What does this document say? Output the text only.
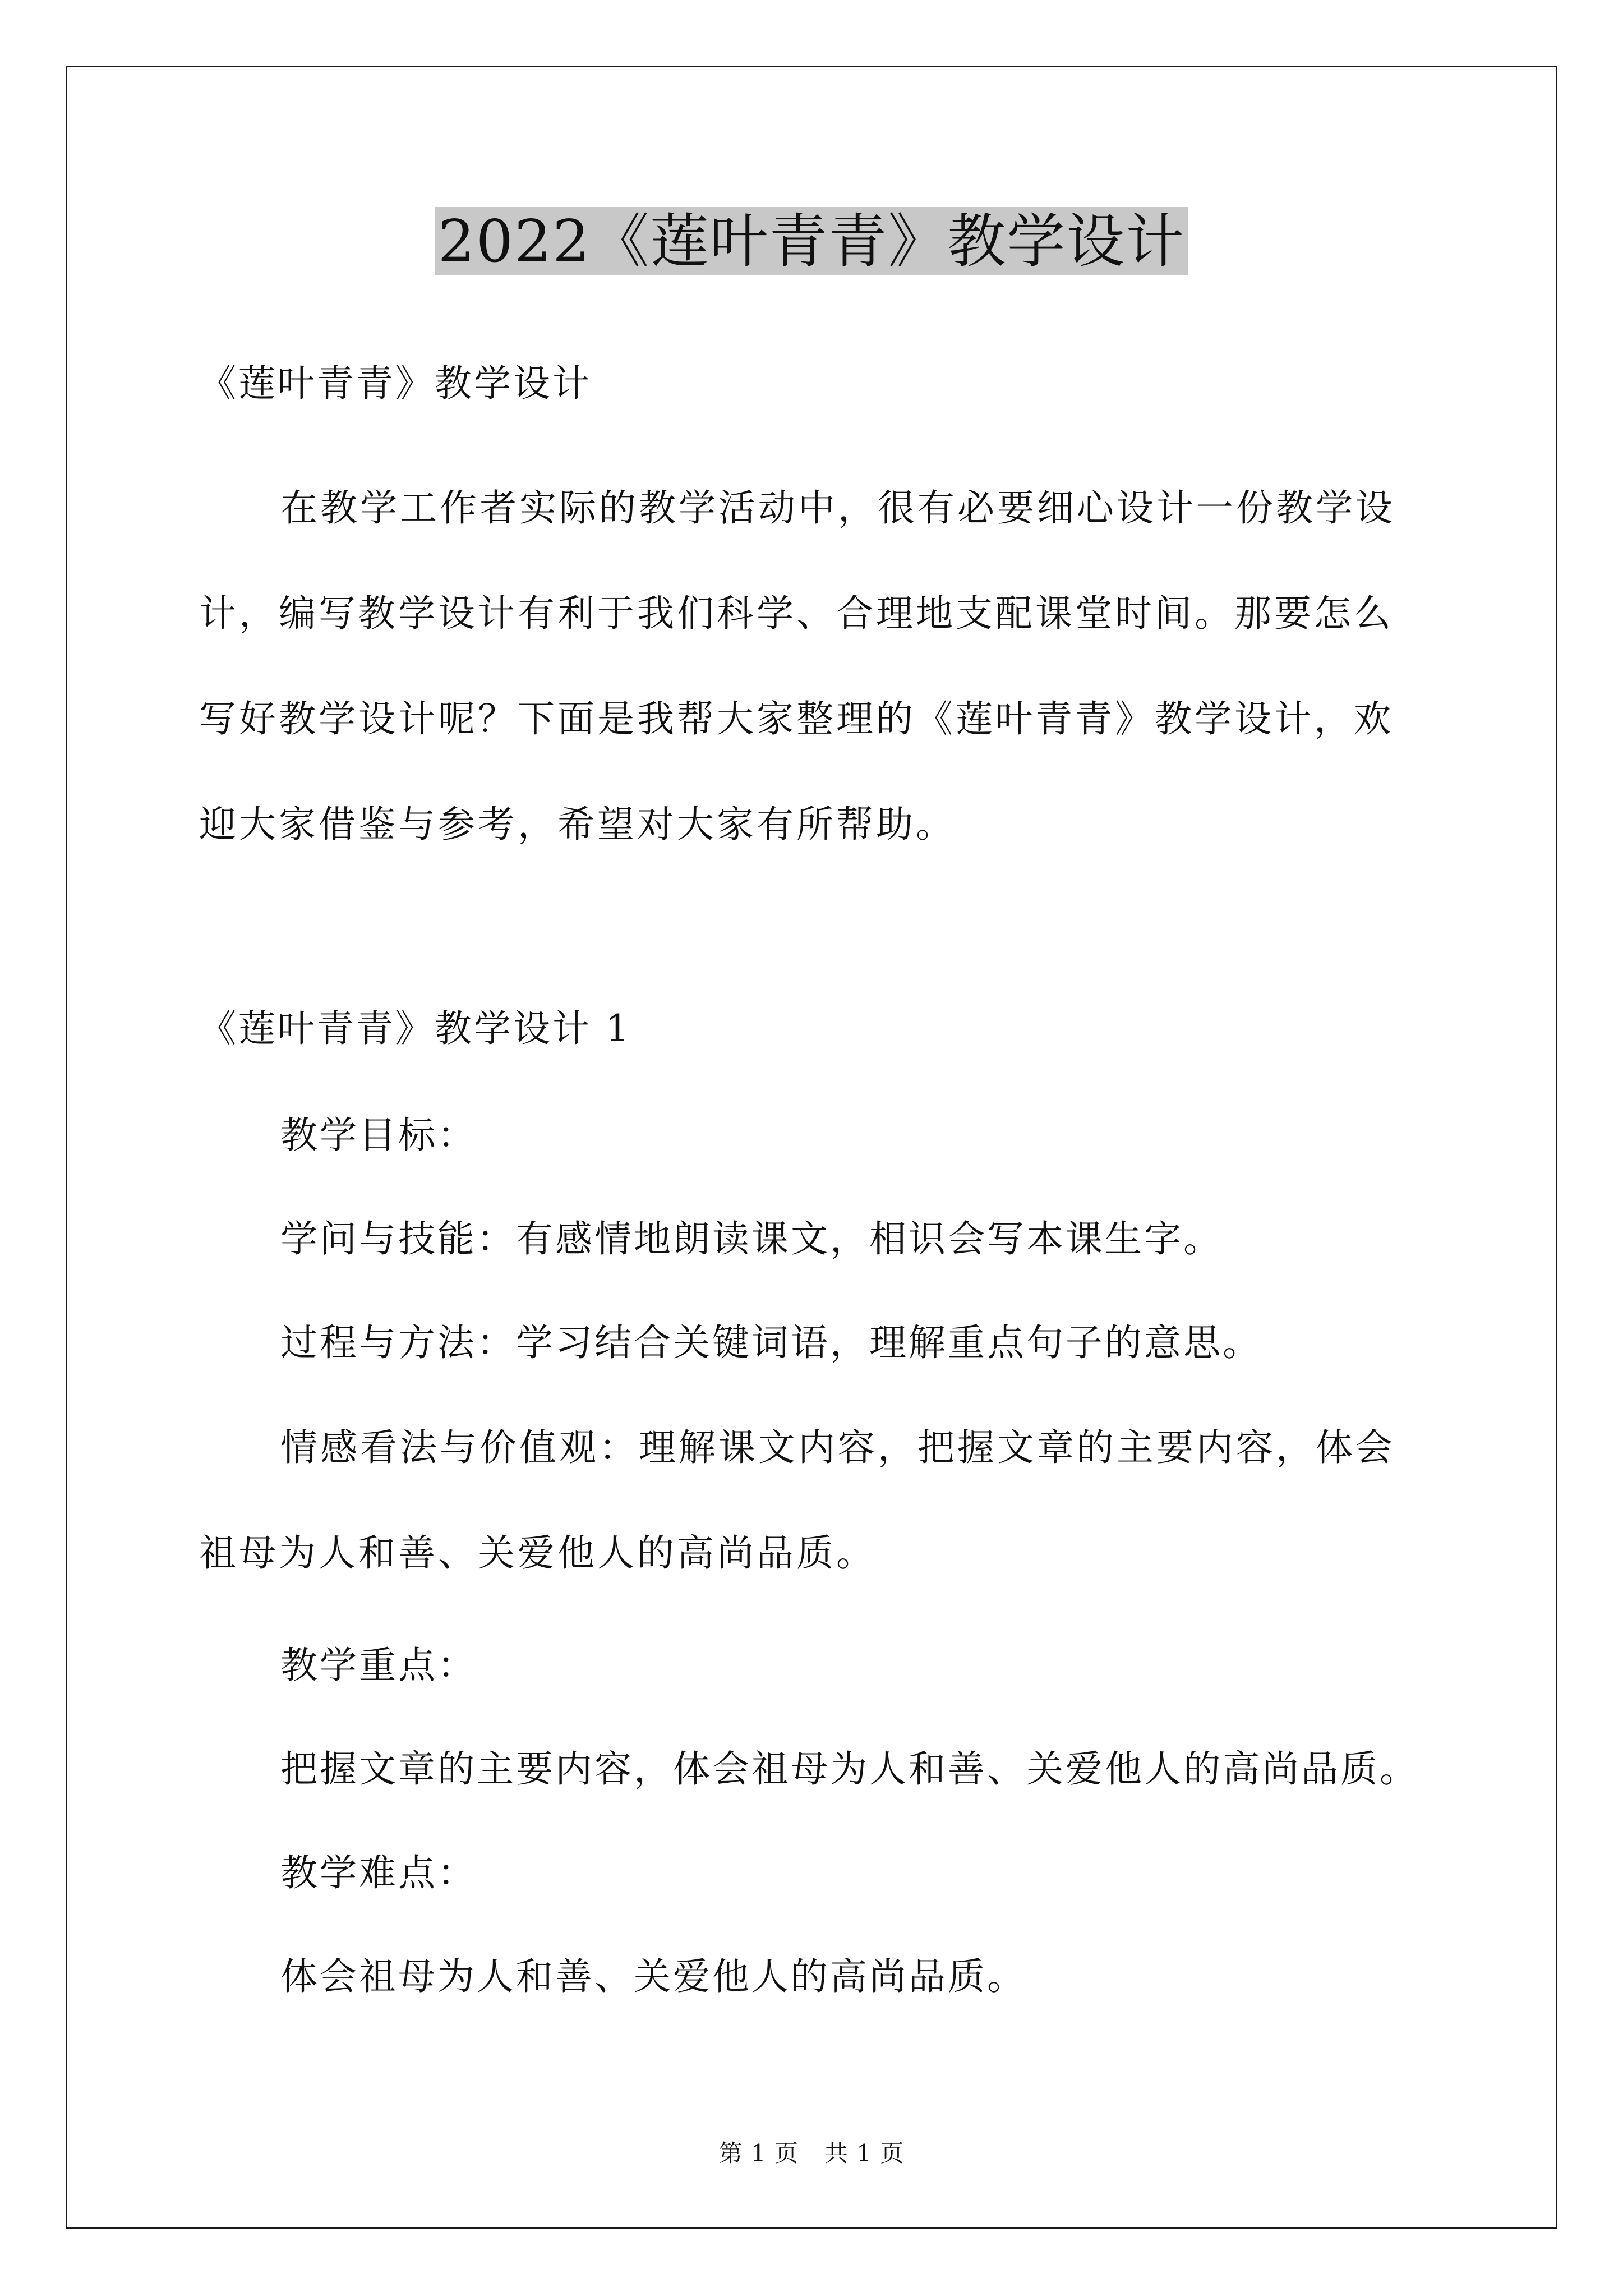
2022《莲叶青青》教学设计

《莲叶青青》教学设计

在教学工作者实际的教学活动中，很有必要细心设计一份教学设计，编写教学设计有利于我们科学、合理地支配课堂时间。那要怎么写好教学设计呢？下面是我帮大家整理的《莲叶青青》教学设计，欢迎大家借鉴与参考，希望对大家有所帮助。

《莲叶青青》教学设计 1

教学目标：

学问与技能：有感情地朗读课文，相识会写本课生字。

过程与方法：学习结合关键词语，理解重点句子的意思。

情感看法与价值观：理解课文内容，把握文章的主要内容，体会祖母为人和善、关爱他人的高尚品质。

教学重点：

把握文章的主要内容，体会祖母为人和善、关爱他人的高尚品质。

教学难点：

体会祖母为人和善、关爱他人的高尚品质。

第 1 页 共 1 页
